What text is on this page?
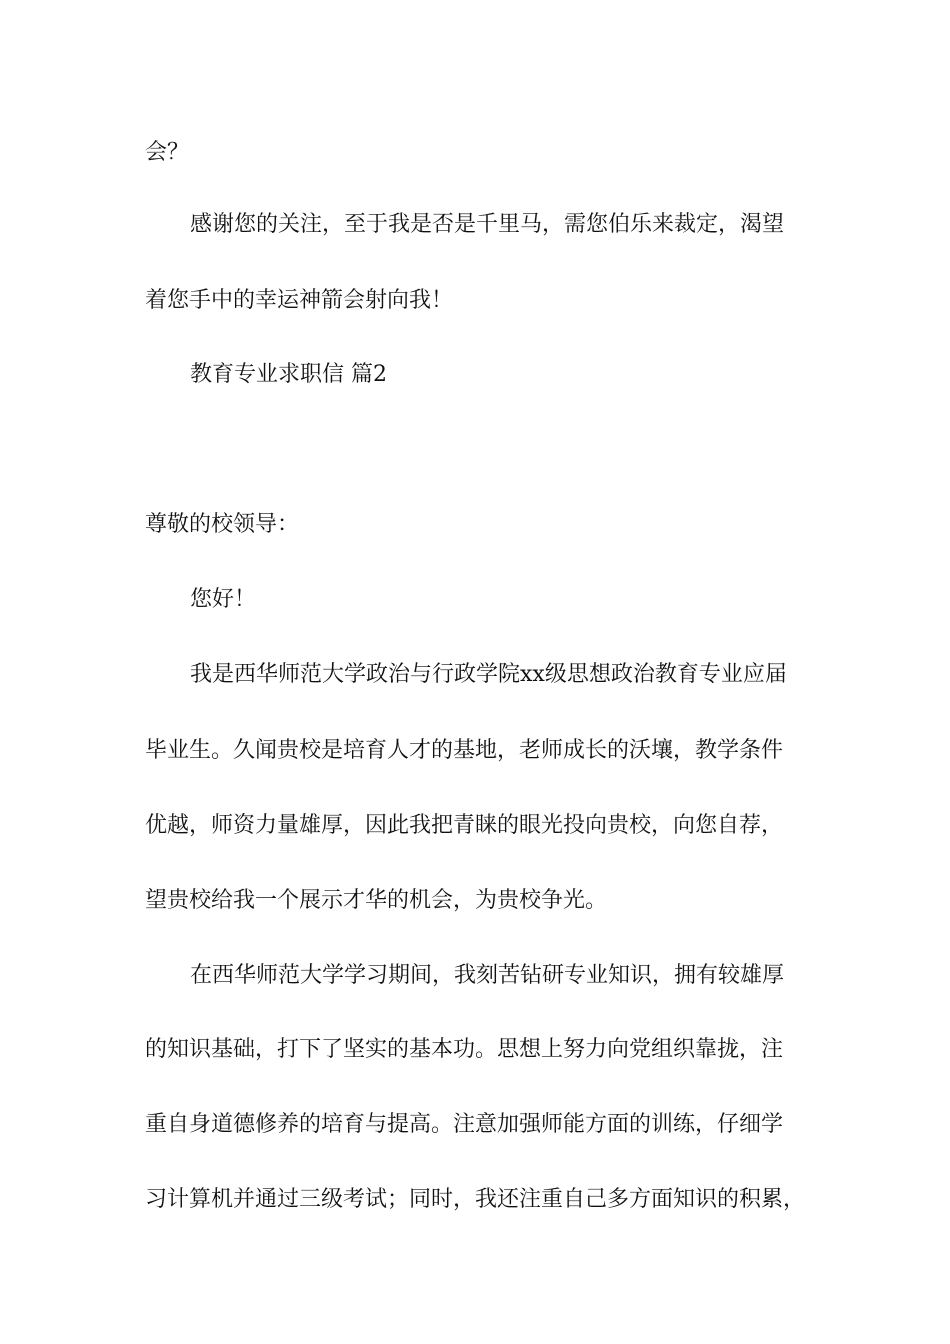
会？

感谢您的关注，至于我是否是千里马，需您伯乐来裁定，渴望

着您手中的幸运神箭会射向我！

教育专业求职信 篇2

尊敬的校领导：

您好！

我是西华师范大学政治与行政学院xx级思想政治教育专业应届

毕业生。久闻贵校是培育人才的基地，老师成长的沃壤，教学条件

优越，师资力量雄厚，因此我把青睐的眼光投向贵校，向您自荐，

望贵校给我一个展示才华的机会，为贵校争光。

在西华师范大学学习期间，我刻苦钻研专业知识，拥有较雄厚

的知识基础，打下了坚实的基本功。思想上努力向党组织靠拢，注

重自身道德修养的培育与提高。注意加强师能方面的训练，仔细学

习计算机并通过三级考试；同时，我还注重自己多方面知识的积累，
